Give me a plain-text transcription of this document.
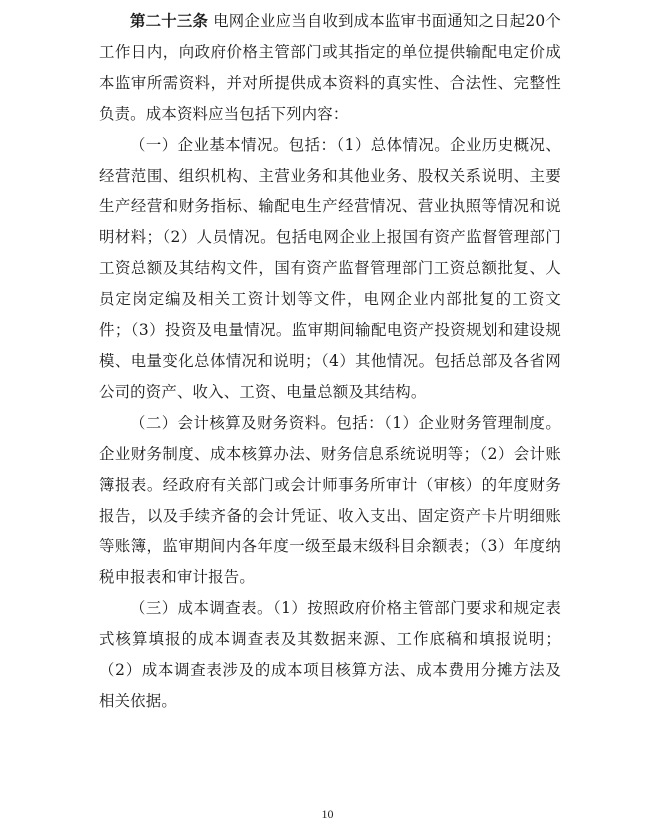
第二十三条 电网企业应当自收到成本监审书面通知之日起20个工作日内，向政府价格主管部门或其指定的单位提供输配电定价成本监审所需资料，并对所提供成本资料的真实性、合法性、完整性负责。成本资料应当包括下列内容：

（一）企业基本情况。包括：（1）总体情况。企业历史概况、经营范围、组织机构、主营业务和其他业务、股权关系说明、主要生产经营和财务指标、输配电生产经营情况、营业执照等情况和说明材料；（2）人员情况。包括电网企业上报国有资产监督管理部门工资总额及其结构文件，国有资产监督管理部门工资总额批复、人员定岗定编及相关工资计划等文件，电网企业内部批复的工资文件；（3）投资及电量情况。监审期间输配电资产投资规划和建设规模、电量变化总体情况和说明；（4）其他情况。包括总部及各省网公司的资产、收入、工资、电量总额及其结构。

（二）会计核算及财务资料。包括：（1）企业财务管理制度。企业财务制度、成本核算办法、财务信息系统说明等；（2）会计账簿报表。经政府有关部门或会计师事务所审计（审核）的年度财务报告，以及手续齐备的会计凭证、收入支出、固定资产卡片明细账等账簿，监审期间内各年度一级至最末级科目余额表；（3）年度纳税申报表和审计报告。

（三）成本调查表。（1）按照政府价格主管部门要求和规定表式核算填报的成本调查表及其数据来源、工作底稿和填报说明；（2）成本调查表涉及的成本项目核算方法、成本费用分摊方法及相关依据。

10
